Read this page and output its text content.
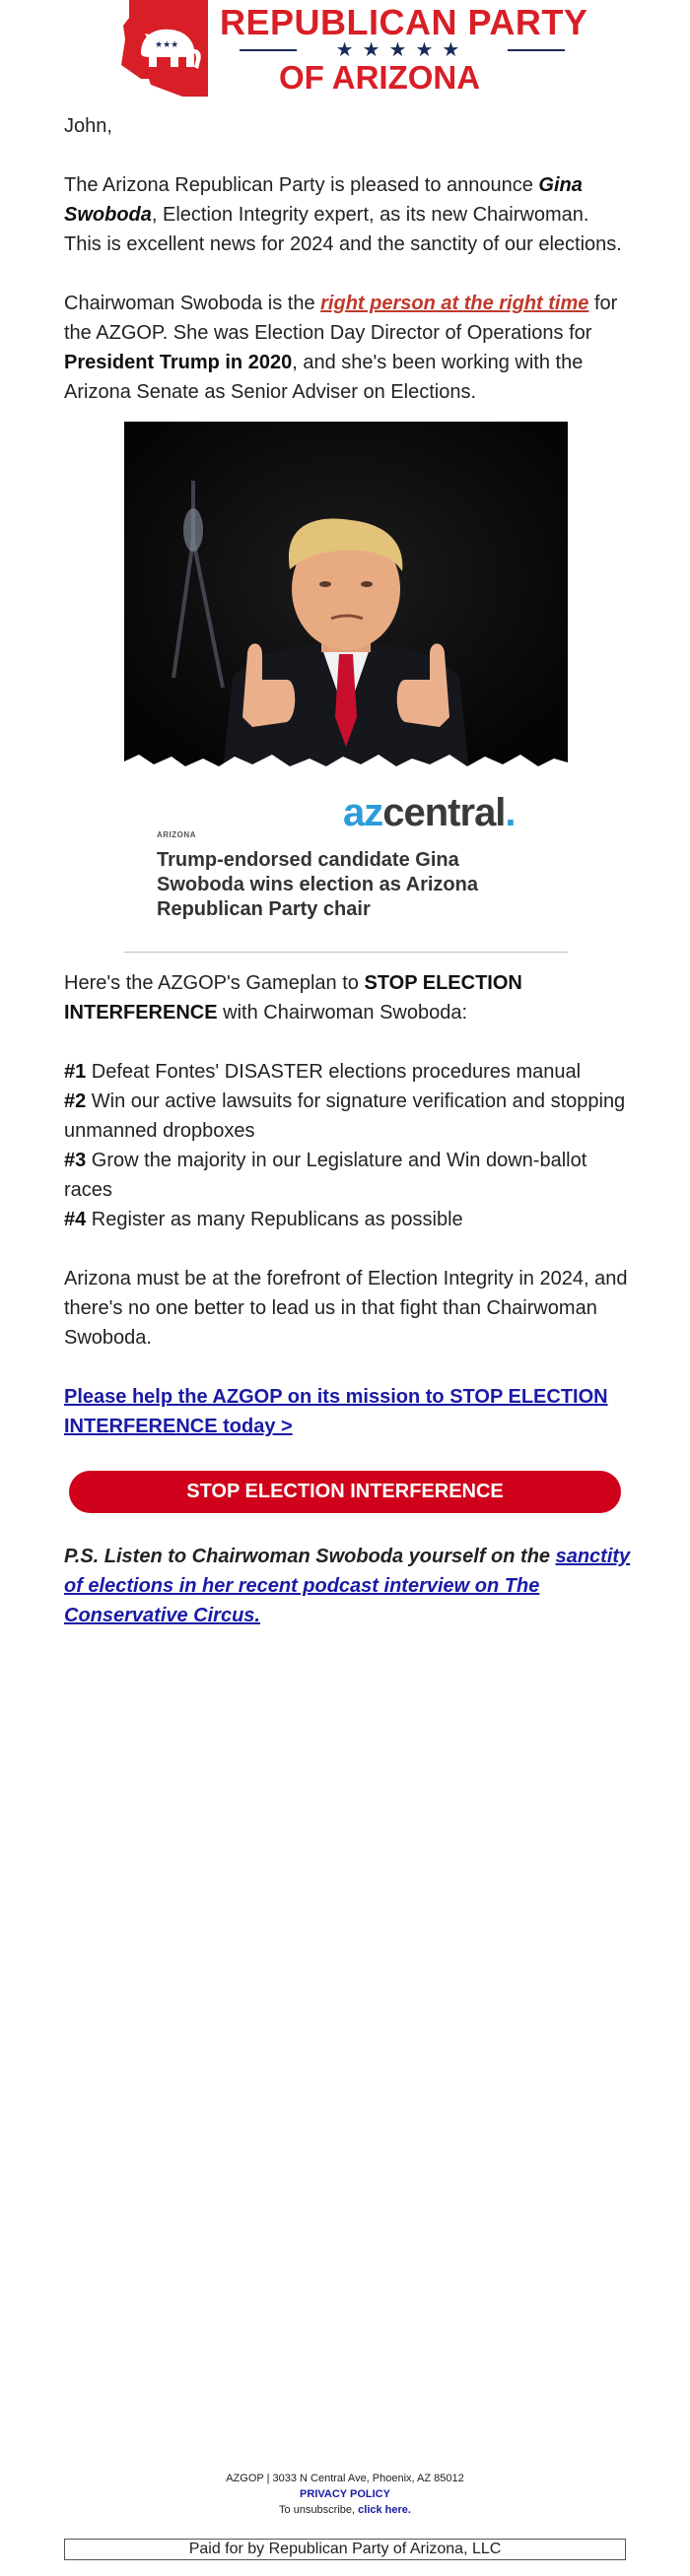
★★★
REPUBLICAN PARTY
★★★★★
OF ARIZONA
John,
The Arizona Republican Party is pleased to announce Gina Swoboda, Election Integrity expert, as its new Chairwoman. This is excellent news for 2024 and the sanctity of our elections.
Chairwoman Swoboda is the right person at the right time for the AZGOP. She was Election Day Director of Operations for President Trump in 2020, and she's been working with the Arizona Senate as Senior Adviser on Elections.
azcentral.
ARIZONA
Trump-endorsed candidate Gina Swoboda wins election as Arizona Republican Party chair
Here's the AZGOP's Gameplan to STOP ELECTION INTERFERENCE with Chairwoman Swoboda:
#1 Defeat Fontes' DISASTER elections procedures manual
#2 Win our active lawsuits for signature verification and stopping unmanned dropboxes
#3 Grow the majority in our Legislature and Win down-ballot races
#4 Register as many Republicans as possible
Arizona must be at the forefront of Election Integrity in 2024, and there's no one better to lead us in that fight than Chairwoman Swoboda.
Please help the AZGOP on its mission to STOP ELECTION INTERFERENCE today >
STOP ELECTION INTERFERENCE
P.S. Listen to Chairwoman Swoboda yourself on the sanctity of elections in her recent podcast interview on The Conservative Circus.
AZGOP | 3033 N Central Ave, Phoenix, AZ 85012
PRIVACY POLICY
To unsubscribe, click here.
Paid for by Republican Party of Arizona, LLC
